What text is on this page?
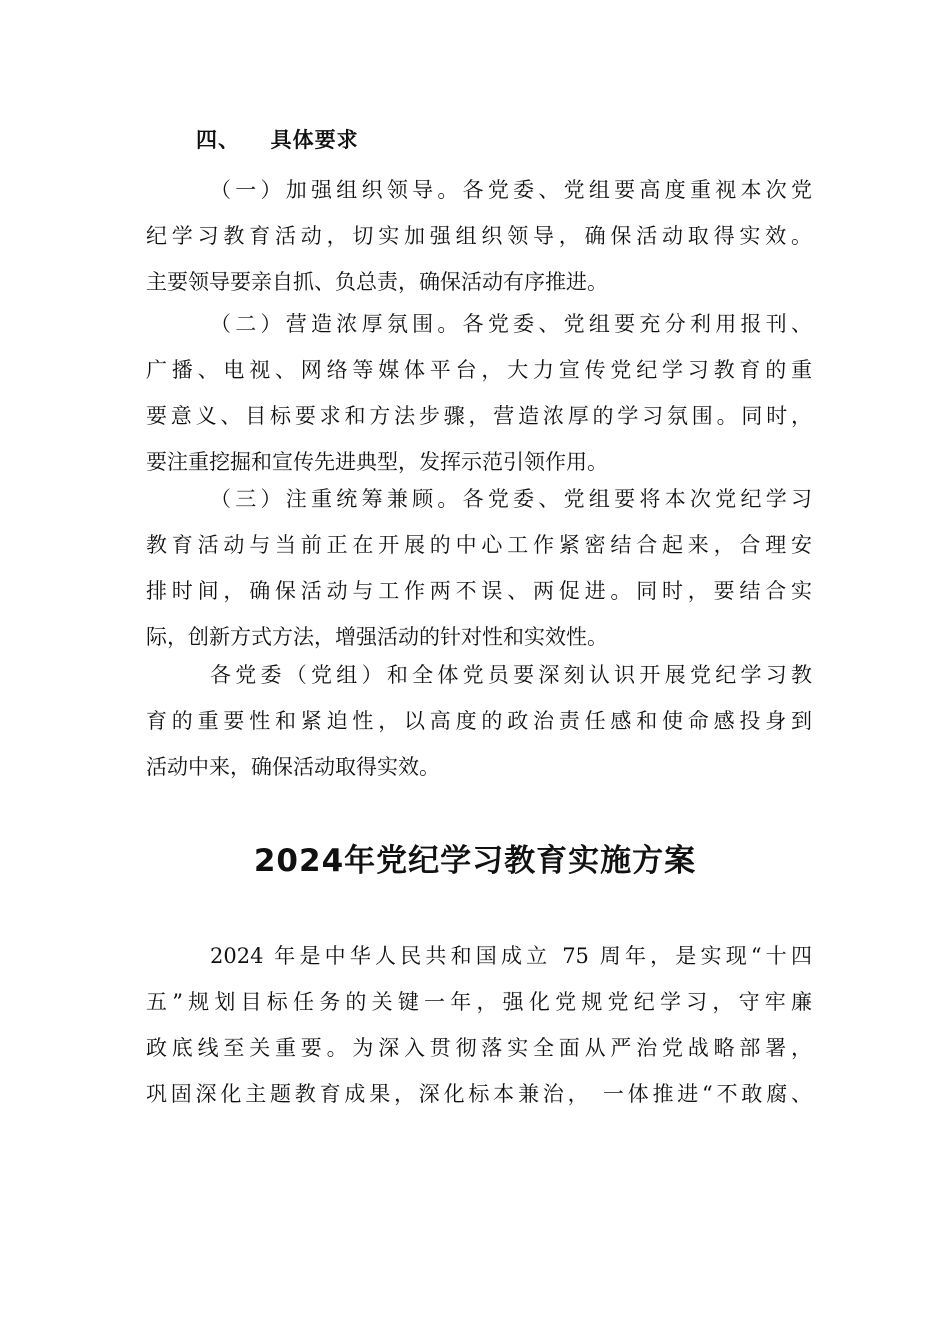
四、 具体要求
（一）加强组织领导。各党委、党组要高度重视本次党
纪学习教育活动，切实加强组织领导，确保活动取得实效。
主要领导要亲自抓、负总责，确保活动有序推进。
（二）营造浓厚氛围。各党委、党组要充分利用报刊、
广播、电视、网络等媒体平台，大力宣传党纪学习教育的重
要意义、目标要求和方法步骤，营造浓厚的学习氛围。同时，
要注重挖掘和宣传先进典型，发挥示范引领作用。
（三）注重统筹兼顾。各党委、党组要将本次党纪学习
教育活动与当前正在开展的中心工作紧密结合起来，合理安
排时间，确保活动与工作两不误、两促进。同时，要结合实
际，创新方式方法，增强活动的针对性和实效性。
各党委（党组）和全体党员要深刻认识开展党纪学习教
育的重要性和紧迫性，以高度的政治责任感和使命感投身到
活动中来，确保活动取得实效。
2024年党纪学习教育实施方案
2024 年是中华人民共和国成立 75 周年，是实现“十四
五”规划目标任务的关键一年，强化党规党纪学习，守牢廉
政底线至关重要。为深入贯彻落实全面从严治党战略部署，
巩固深化主题教育成果，深化标本兼治， 一体推进“不敢腐、
